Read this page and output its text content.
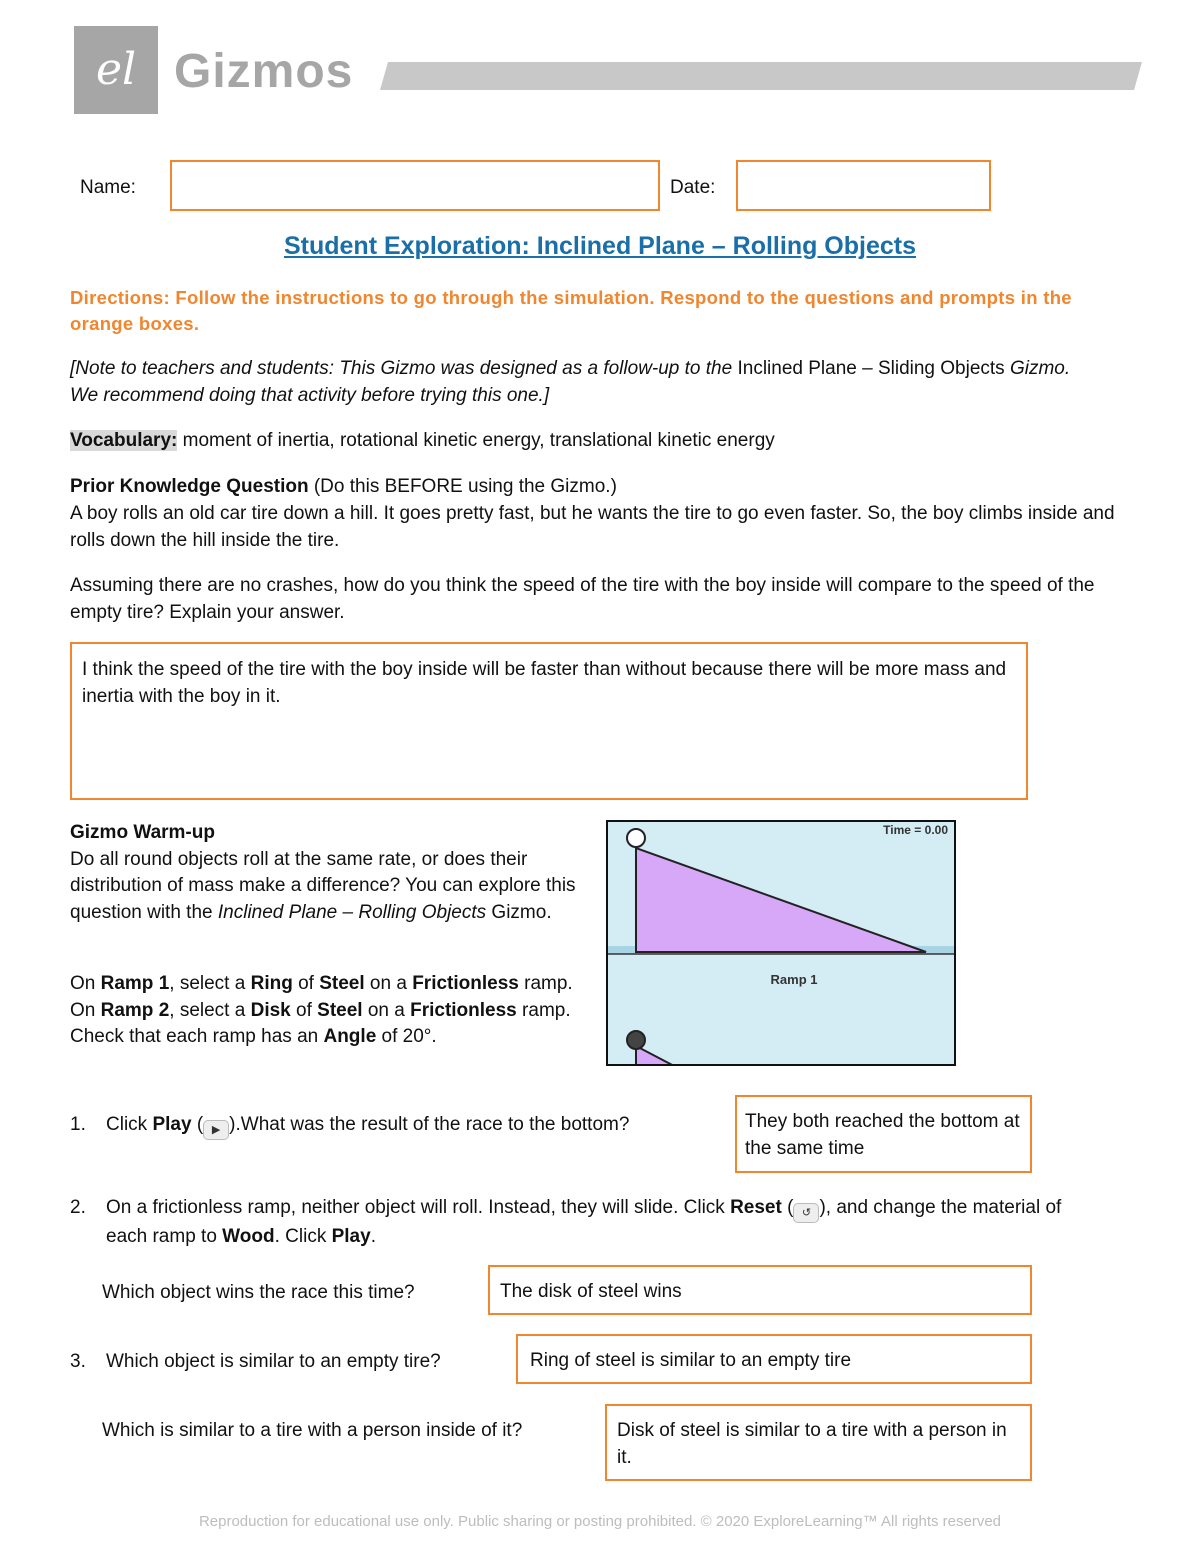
el Gizmos
Name:	Date:
Student Exploration: Inclined Plane – Rolling Objects
Directions: Follow the instructions to go through the simulation. Respond to the questions and prompts in the orange boxes.
[Note to teachers and students: This Gizmo was designed as a follow-up to the Inclined Plane – Sliding Objects Gizmo. We recommend doing that activity before trying this one.]
Vocabulary: moment of inertia, rotational kinetic energy, translational kinetic energy
Prior Knowledge Question (Do this BEFORE using the Gizmo.)
A boy rolls an old car tire down a hill. It goes pretty fast, but he wants the tire to go even faster. So, the boy climbs inside and rolls down the hill inside the tire.
Assuming there are no crashes, how do you think the speed of the tire with the boy inside will compare to the speed of the empty tire? Explain your answer.
I think the speed of the tire with the boy inside will be faster than without because there will be more mass and inertia with the boy in it.
Gizmo Warm-up
Do all round objects roll at the same rate, or does their distribution of mass make a difference? You can explore this question with the Inclined Plane – Rolling Objects Gizmo.
On Ramp 1, select a Ring of Steel on a Frictionless ramp. On Ramp 2, select a Disk of Steel on a Frictionless ramp. Check that each ramp has an Angle of 20°.
Time = 0.00
Ramp 1
1. Click Play ( ▶ ).What was the result of the race to the bottom?	They both reached the bottom at the same time
2. On a frictionless ramp, neither object will roll. Instead, they will slide. Click Reset ( ↺ ), and change the material of each ramp to Wood. Click Play.
Which object wins the race this time?	The disk of steel wins
3. Which object is similar to an empty tire?	Ring of steel is similar to an empty tire
Which is similar to a tire with a person inside of it?	Disk of steel is similar to a tire with a person in it.
Reproduction for educational use only. Public sharing or posting prohibited. © 2020 ExploreLearning™ All rights reserved
